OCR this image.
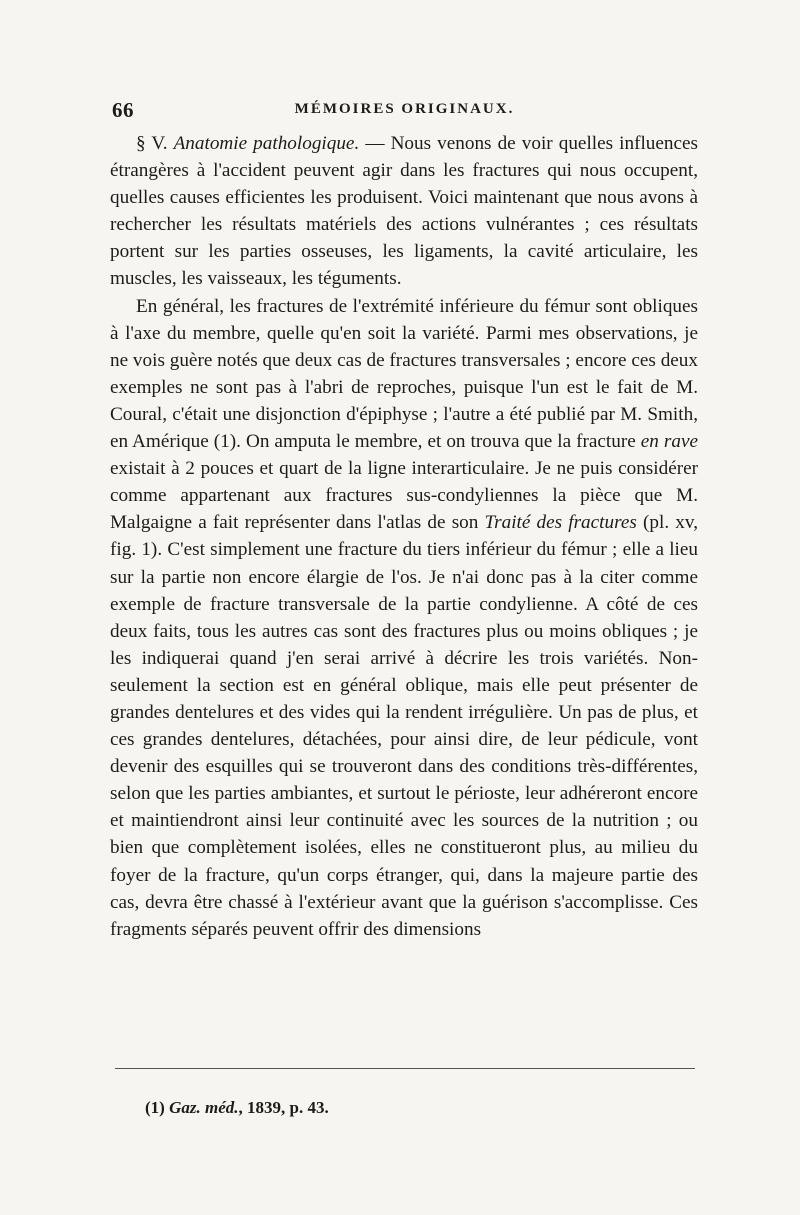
66	MÉMOIRES ORIGINAUX.

§ V. Anatomie pathologique. — Nous venons de voir quelles influences étrangères à l'accident peuvent agir dans les fractures qui nous occupent, quelles causes efficientes les produisent. Voici maintenant que nous avons à rechercher les résultats matériels des actions vulnérantes ; ces résultats portent sur les parties osseuses, les ligaments, la cavité articulaire, les muscles, les vaisseaux, les téguments.

En général, les fractures de l'extrémité inférieure du fémur sont obliques à l'axe du membre, quelle qu'en soit la variété. Parmi mes observations, je ne vois guère notés que deux cas de fractures transversales ; encore ces deux exemples ne sont pas à l'abri de reproches, puisque l'un est le fait de M. Coural, c'était une disjonction d'épiphyse ; l'autre a été publié par M. Smith, en Amérique (1). On amputa le membre, et on trouva que la fracture en rave existait à 2 pouces et quart de la ligne interarticulaire. Je ne puis considérer comme appartenant aux fractures sus-condyliennes la pièce que M. Malgaigne a fait représenter dans l'atlas de son Traité des fractures (pl. xv, fig. 1). C'est simplement une fracture du tiers inférieur du fémur ; elle a lieu sur la partie non encore élargie de l'os. Je n'ai donc pas à la citer comme exemple de fracture transversale de la partie condylienne. A côté de ces deux faits, tous les autres cas sont des fractures plus ou moins obliques ; je les indiquerai quand j'en serai arrivé à décrire les trois variétés. Non-seulement la section est en général oblique, mais elle peut présenter de grandes dentelures et des vides qui la rendent irrégulière. Un pas de plus, et ces grandes dentelures, détachées, pour ainsi dire, de leur pédicule, vont devenir des esquilles qui se trouveront dans des conditions très-différentes, selon que les parties ambiantes, et surtout le périoste, leur adhéreront encore et maintiendront ainsi leur continuité avec les sources de la nutrition ; ou bien que complètement isolées, elles ne constitueront plus, au milieu du foyer de la fracture, qu'un corps étranger, qui, dans la majeure partie des cas, devra être chassé à l'extérieur avant que la guérison s'accomplisse. Ces fragments séparés peuvent offrir des dimensions

(1) Gaz. méd., 1839, p. 43.
